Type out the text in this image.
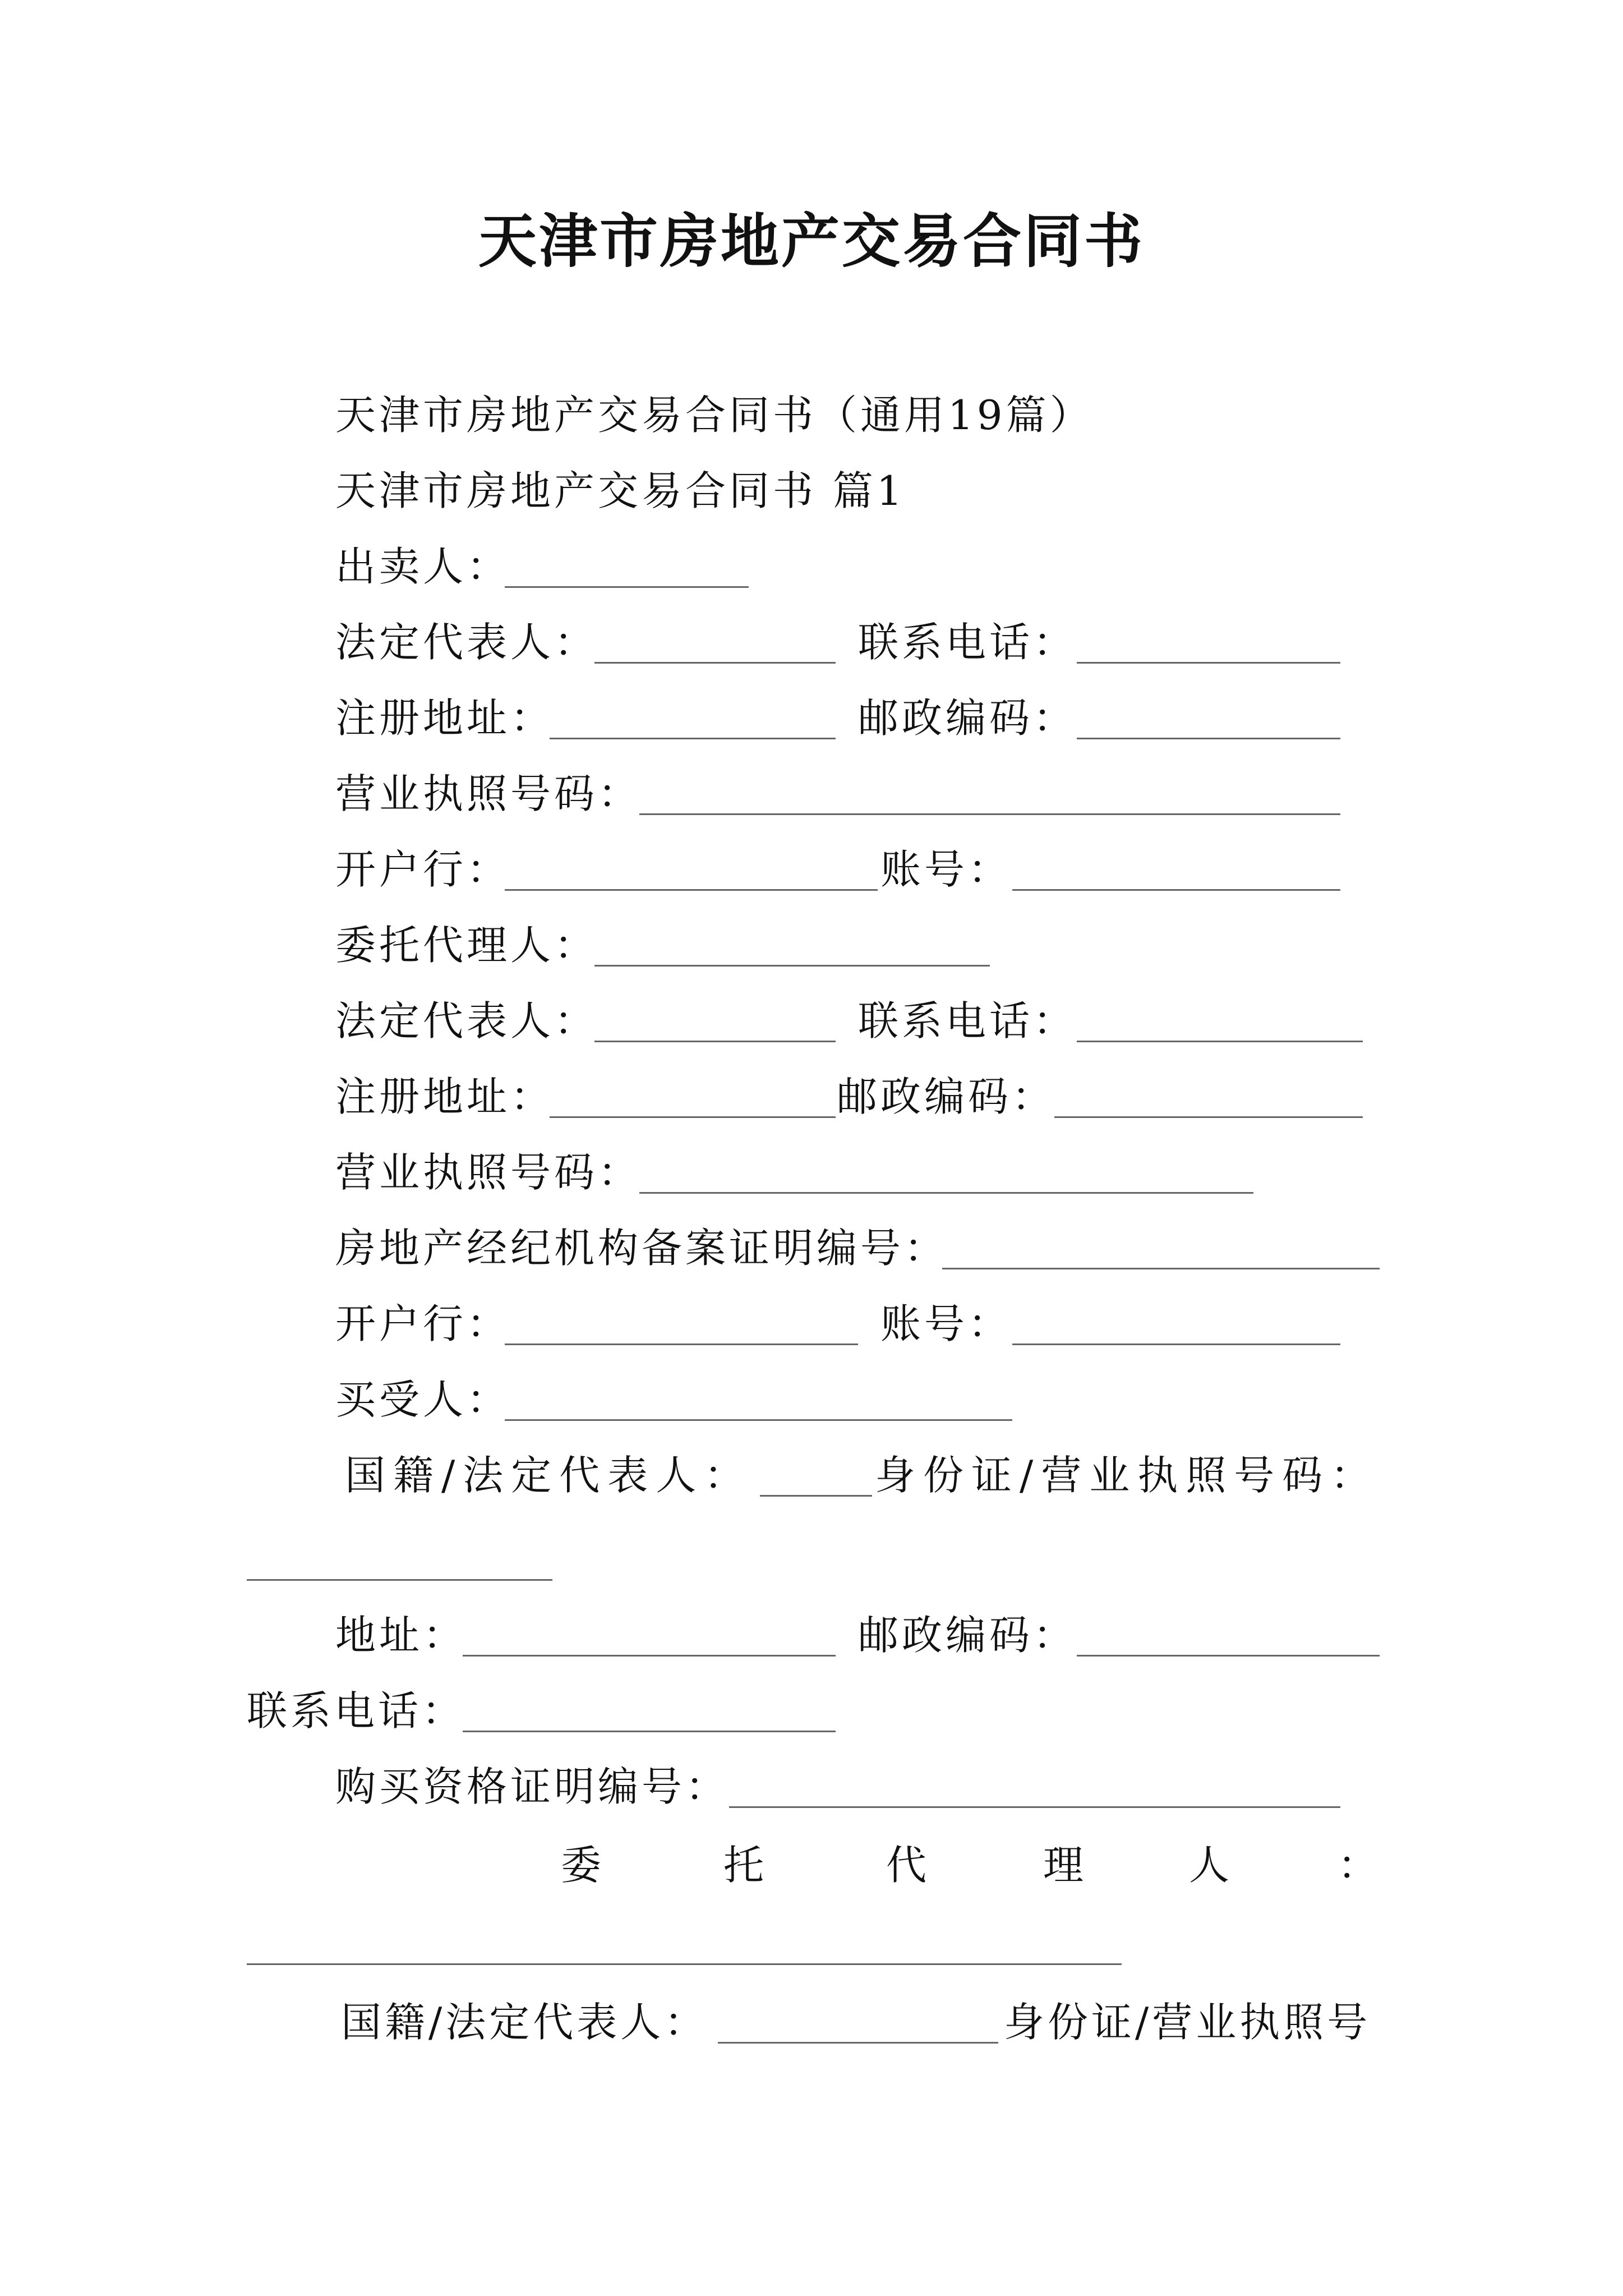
天津市房地产交易合同书
天津市房地产交易合同书（通用19篇）
天津市房地产交易合同书 篇1
出卖人：
法定代表人：	联系电话：
注册地址：	邮政编码：
营业执照号码：
开户行：	账号：
委托代理人：
法定代表人：	联系电话：
注册地址：	邮政编码：
营业执照号码：
房地产经纪机构备案证明编号：
开户行：	账号：
买受人：
国籍/法定代表人：	身份证/营业执照号码：
地址：	邮政编码：
联系电话：
购买资格证明编号：
委	托	代	理	人	：
国籍/法定代表人：	身份证/营业执照号
